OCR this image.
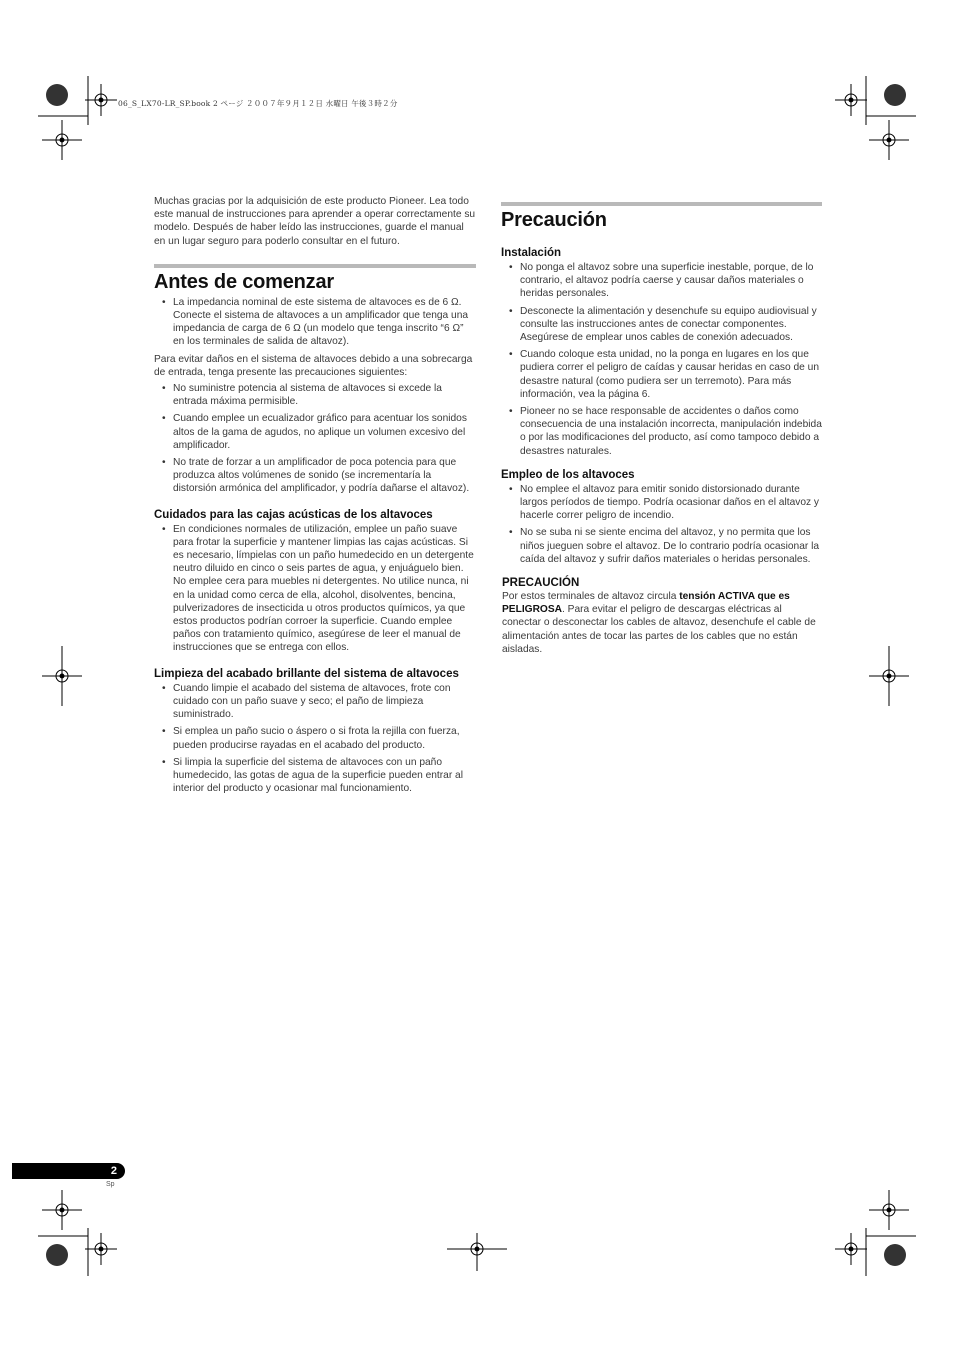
06_S_LX70-LR_SP.book 2 ページ ２００７年９月１２日 水曜日 午後３時２分

Muchas gracias por la adquisición de este producto Pioneer. Lea todo este manual de instrucciones para aprender a operar correctamente su modelo. Después de haber leído las instrucciones, guarde el manual en un lugar seguro para poderlo consultar en el futuro.

Antes de comenzar
• La impedancia nominal de este sistema de altavoces es de 6 Ω. Conecte el sistema de altavoces a un amplificador que tenga una impedancia de carga de 6 Ω (un modelo que tenga inscrito “6 Ω” en los terminales de salida de altavoz).

Para evitar daños en el sistema de altavoces debido a una sobrecarga de entrada, tenga presente las precauciones siguientes:

• No suministre potencia al sistema de altavoces si excede la entrada máxima permisible.
• Cuando emplee un ecualizador gráfico para acentuar los sonidos altos de la gama de agudos, no aplique un volumen excesivo del amplificador.
• No trate de forzar a un amplificador de poca potencia para que produzca altos volúmenes de sonido (se incrementaría la distorsión armónica del amplificador, y podría dañarse el altavoz).
Cuidados para las cajas acústicas de los altavoces
• En condiciones normales de utilización, emplee un paño suave para frotar la superficie y mantener limpias las cajas acústicas. Si es necesario, límpielas con un paño humedecido en un detergente neutro diluido en cinco o seis partes de agua, y enjuáguelo bien. No emplee cera para muebles ni detergentes. No utilice nunca, ni en la unidad como cerca de ella, alcohol, disolventes, bencina, pulverizadores de insecticida u otros productos químicos, ya que estos productos podrían corroer la superficie. Cuando emplee paños con tratamiento químico, asegúrese de leer el manual de instrucciones que se entrega con ellos.
Limpieza del acabado brillante del sistema de altavoces
• Cuando limpie el acabado del sistema de altavoces, frote con cuidado con un paño suave y seco; el paño de limpieza suministrado.
• Si emplea un paño sucio o áspero o si frota la rejilla con fuerza, pueden producirse rayadas en el acabado del producto.
• Si limpia la superficie del sistema de altavoces con un paño humedecido, las gotas de agua de la superficie pueden entrar al interior del producto y ocasionar mal funcionamiento.
Precaución
Instalación
• No ponga el altavoz sobre una superficie inestable, porque, de lo contrario, el altavoz podría caerse y causar daños materiales o heridas personales.
• Desconecte la alimentación y desenchufe su equipo audiovisual y consulte las instrucciones antes de conectar componentes. Asegúrese de emplear unos cables de conexión adecuados.
• Cuando coloque esta unidad, no la ponga en lugares en los que pudiera correr el peligro de caídas y causar heridas en caso de un desastre natural (como pudiera ser un terremoto). Para más información, vea la página 6.
• Pioneer no se hace responsable de accidentes o daños como consecuencia de una instalación incorrecta, manipulación indebida o por las modificaciones del producto, así como tampoco debido a desastres naturales.
Empleo de los altavoces
• No emplee el altavoz para emitir sonido distorsionado durante largos períodos de tiempo. Podría ocasionar daños en el altavoz y hacerle correr peligro de incendio.
• No se suba ni se siente encima del altavoz, y no permita que los niños jueguen sobre el altavoz. De lo contrario podría ocasionar la caída del altavoz y sufrir daños materiales o heridas personales.

PRECAUCIÓN

Por estos terminales de altavoz circula tensión ACTIVA que es PELIGROSA. Para evitar el peligro de descargas eléctricas al conectar o desconectar los cables de altavoz, desenchufe el cable de alimentación antes de tocar las partes de los cables que no están aisladas.

2
Sp
